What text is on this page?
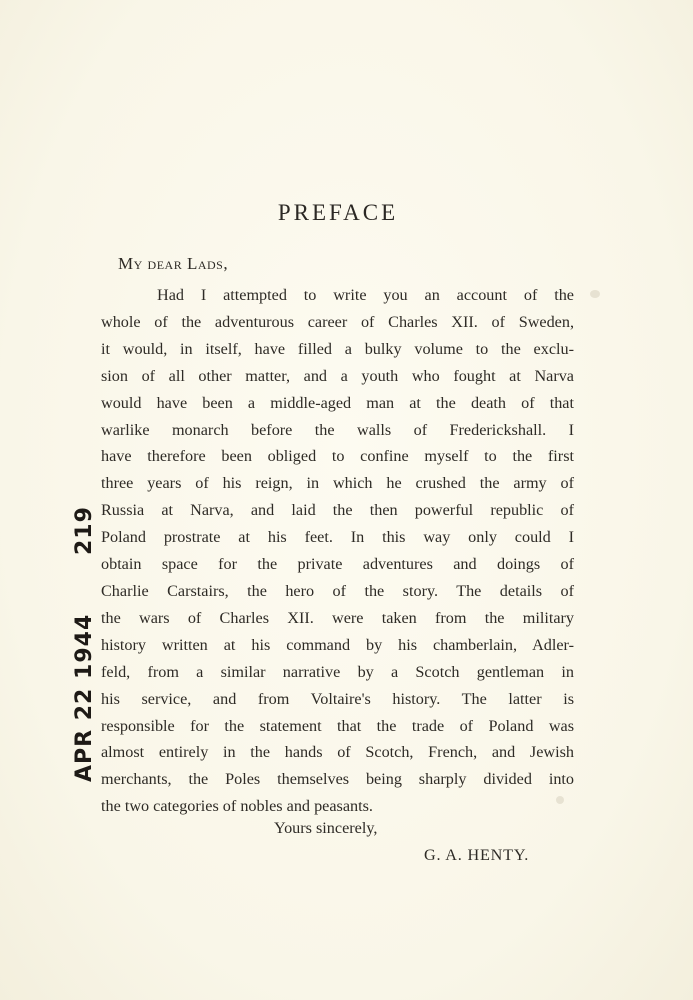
PREFACE
My dear Lads,
Had I attempted to write you an account of the
whole of the adventurous career of Charles XII. of Sweden,
it would, in itself, have filled a bulky volume to the exclu-
sion of all other matter, and a youth who fought at Narva
would have been a middle-aged man at the death of that
warlike monarch before the walls of Frederickshall. I
have therefore been obliged to confine myself to the first
three years of his reign, in which he crushed the army of
Russia at Narva, and laid the then powerful republic of
Poland prostrate at his feet. In this way only could I
obtain space for the private adventures and doings of
Charlie Carstairs, the hero of the story. The details of
the wars of Charles XII. were taken from the military
history written at his command by his chamberlain, Adler-
feld, from a similar narrative by a Scotch gentleman in
his service, and from Voltaire's history. The latter is
responsible for the statement that the trade of Poland was
almost entirely in the hands of Scotch, French, and Jewish
merchants, the Poles themselves being sharply divided into
the two categories of nobles and peasants.
Yours sincerely,
G. A. HENTY.
219
APR 22 1944
